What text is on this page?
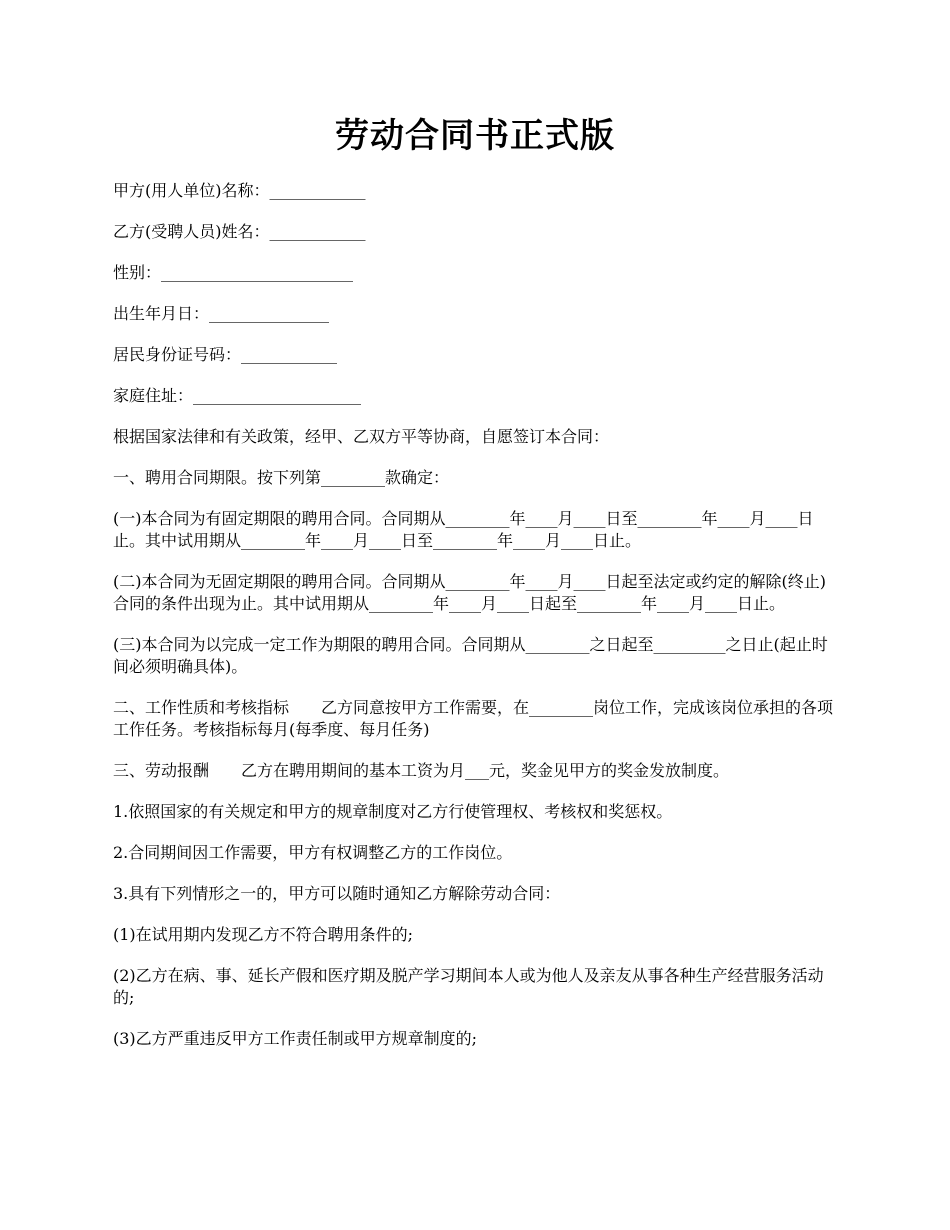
劳动合同书正式版

甲方(用人单位)名称：____________

乙方(受聘人员)姓名：____________

性别：________________________

出生年月日：_______________

居民身份证号码：____________

家庭住址：_____________________

根据国家法律和有关政策，经甲、乙双方平等协商，自愿签订本合同：

一、聘用合同期限。按下列第________款确定：

(一)本合同为有固定期限的聘用合同。合同期从________年____月____日至________年____月____日止。其中试用期从________年____月____日至________年____月____日止。

(二)本合同为无固定期限的聘用合同。合同期从________年____月____日起至法定或约定的解除(终止)合同的条件出现为止。其中试用期从________年____月____日起至________年____月____日止。

(三)本合同为以完成一定工作为期限的聘用合同。合同期从________之日起至_________之日止(起止时间必须明确具体)。

二、工作性质和考核指标　　乙方同意按甲方工作需要，在________岗位工作，完成该岗位承担的各项工作任务。考核指标每月(每季度、每月任务)

三、劳动报酬　　乙方在聘用期间的基本工资为月___元，奖金见甲方的奖金发放制度。

1.依照国家的有关规定和甲方的规章制度对乙方行使管理权、考核权和奖惩权。

2.合同期间因工作需要，甲方有权调整乙方的工作岗位。

3.具有下列情形之一的，甲方可以随时通知乙方解除劳动合同：

(1)在试用期内发现乙方不符合聘用条件的;

(2)乙方在病、事、延长产假和医疗期及脱产学习期间本人或为他人及亲友从事各种生产经营服务活动的;

(3)乙方严重违反甲方工作责任制或甲方规章制度的;
